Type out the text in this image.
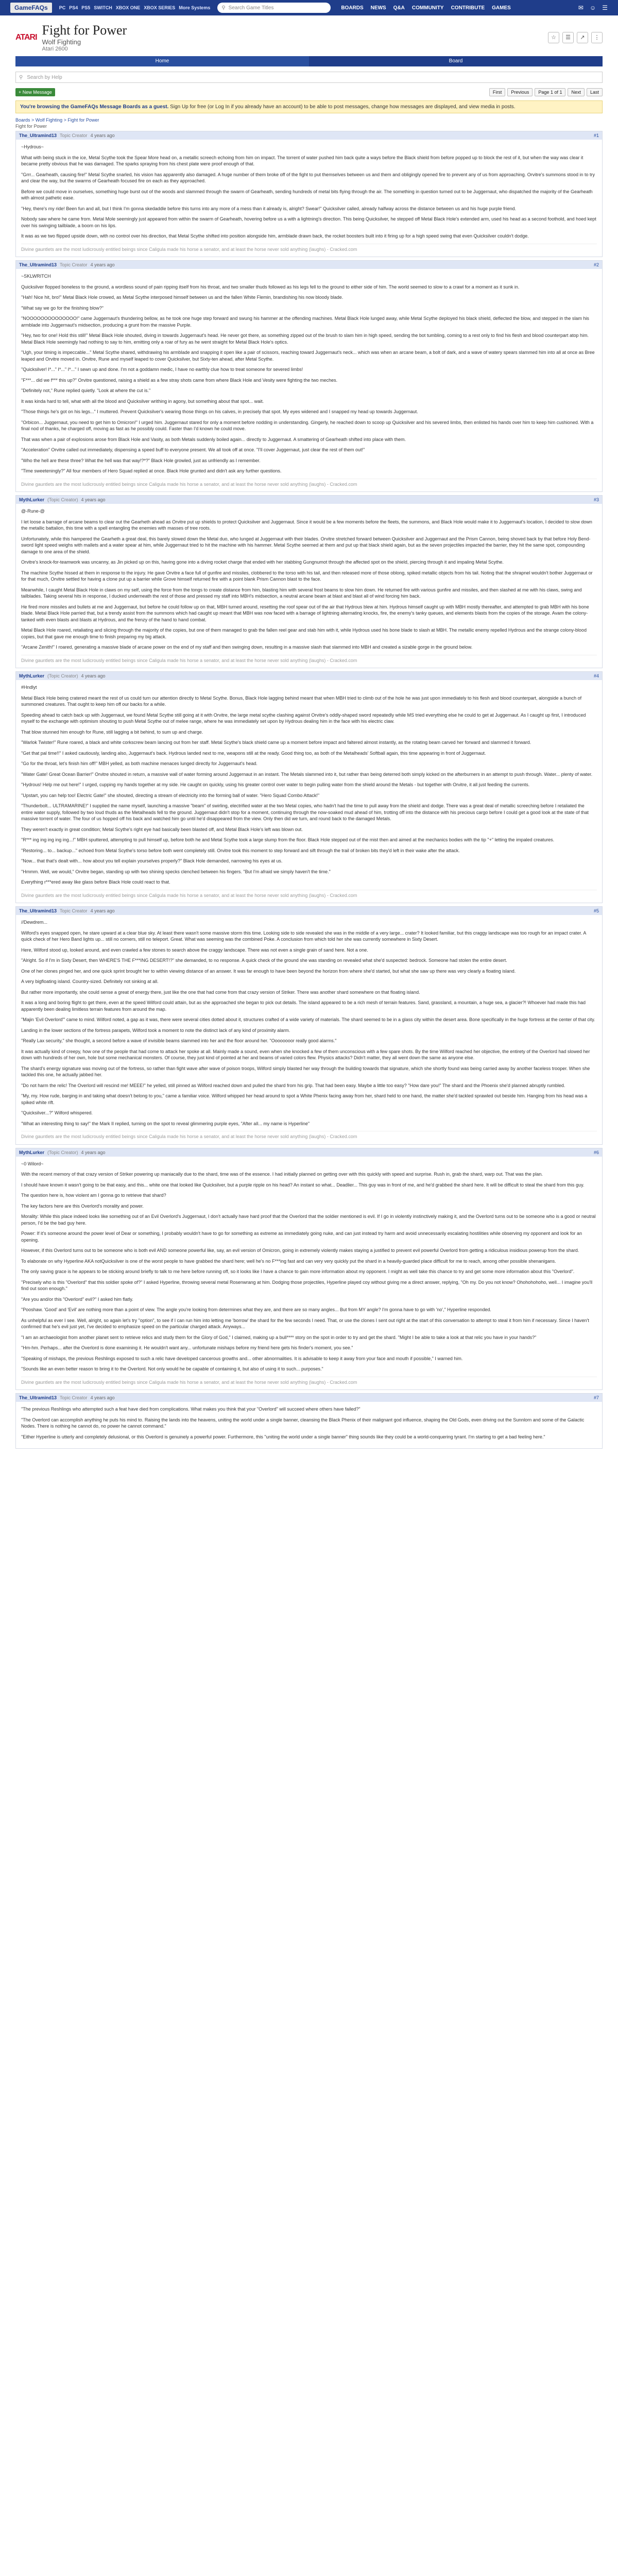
GameFAQs	PC PS4 PS5 SWITCH XBOX ONE XBOX SERIES More Systems ⚲ Search Game Titles	BOARDS NEWS Q&A COMMUNITY CONTRIBUTE GAMES	✉ ☺ ☰
ATARI Fight for Power
Wolf Fighting
Atari 2600
☆	☰	↗	⋮
Home	Board
⚲ Search by Help
+ New Message	First	Previous	Page 1 of 1	Next	Last
You're browsing the GameFAQs Message Boards as a guest. Sign Up for free (or Log In if you already have an account) to be able to post messages, change how messages are displayed, and view media in posts.
Boards > Wolf Fighting > Fight for Power
Fight for Power
The_Ultramind13 Topic Creator 4 years ago	#1

~Hydrous~

What with being stuck in the ice, Metal Scythe took the Spear More head on, a metallic screech echoing from him on impact. The torrent of water pushed him back quite a ways before the Black shield from before popped up to block the rest of it, but when the way was clear it became pretty obvious that he was damaged. The sparks spraying from his chest plate were proof enough of that.

"Grrr... Gearheath, causing fire!" Metal Scythe snarled, his vision has apparently also damaged. A huge number of them broke off of the fight to put themselves between us and them and obligingly opened fire to prevent any of us from approaching. Orvitre's summons stood in to try and clear the way, but the swarms of Gearheath focused fire on each as they approached.

Before we could move in ourselves, something huge burst out of the woods and slammed through the swarm of Gearheath, sending hundreds of metal bits flying through the air. The something in question turned out to be Juggernaut, who dispatched the majority of the Gearheath with almost pathetic ease.

"Hey, there's my ride! Been fun and all, but I think I'm gonna skedaddle before this turns into any more of a mess than it already is, alright? Swear!" Quicksilver called, already halfway across the distance between us and his huge purple friend.

Nobody saw where he came from. Metal Mole seemingly just appeared from within the swarm of Gearheath, hovering before us a with a lightning's direction. This being Quicksilver, he stepped off Metal Black Hole's extended arm, used his head as a second foothold, and hoed kept over his swinging tailblade, a boom on his lips.

It was as we two flipped upside down, with no control over his direction, that Metal Scythe shifted into position alongside him, armblade drawn back, the rocket boosters built into it firing up for a high speed swing that even Quicksilver couldn't dodge.

Divine gauntlets are the most ludicrously entitled beings since Caligula made his horse a senator, and at least the horse never sold anything (laughs) - Cracked.com
The_Ultramind13 Topic Creator 4 years ago	#2

~SKLWRITCH

Quicksilver flopped boneless to the ground, a wordless sound of pain ripping itself from his throat, and two smaller thuds followed as his legs fell to the ground to either side of him. The world seemed to slow to a crawl for a moment as it sunk in.

"Hah! Nice hit, bro!" Metal Black Hole crowed, as Metal Scythe interposed himself between us and the fallen White Flemin, brandishing his now bloody blade.

"What say we go for the finishing blow?"

"NOOOOOOOOOOOOOO!" came Juggernaut's thundering bellow, as he took one huge step forward and swung his hammer at the offending machines. Metal Black Hole lunged away, while Metal Scythe deployed his black shield, deflected the blow, and stepped in the slam his armblade into Juggernaut's midsection, producing a grunt from the massive Purple.

"Hey, two for one! Hold this still!" Metal Black Hole shouted, diving in towards Juggernaut's head. He never got there, as something zipped out of the brush to slam him in high speed, sending the bot tumbling, coming to a rest only to find his flesh and blood counterpart atop him. Metal Black Hole seemingly had nothing to say to him, emitting only a roar of fury as he went straight for Metal Black Hole's optics.

"Ugh, your timing is impeccable..." Metal Scythe shared, withdrawing his armblade and snapping it open like a pair of scissors, reaching toward Juggernaut's neck... which was when an arcane beam, a bolt of dark, and a wave of watery spears slammed him into all at once as Bree leaped and Orvitre moved in. Orvitre, Rune and myself leaped to cover Quicksilver, but Sixty-ten ahead, after Metal Scythe.

"Quicksilver! I*..." I*..." I*..." I sewn up and done. I'm not a goddamn medic, I have no earthly clue how to treat someone for severed limbs!

"F***... did we f*** this up?" Orvitre questioned, raising a shield as a few stray shots came from where Black Hole and Vesity were fighting the two meches.

"Definitely not," Rune replied quietly. "Look at where the cut is."

It was kinda hard to tell, what with all the blood and Quicksilver writhing in agony, but something about that spot... wait.

"Those things he's got on his legs..." I muttered. Prevent Quicksilver's wearing those things on his calves, in precisely that spot. My eyes widened and I snapped my head up towards Juggernaut.

"Orbicon... Juggernaut, you need to get him to Omicron!" I urged him. Juggernaut stared for only a moment before nodding in understanding. Gingerly, he reached down to scoop up Quicksilver and his severed limbs, then enlisted his hands over him to keep him cushioned. With a final nod of thanks, he charged off, moving as fast as he possibly could. Faster than I'd known he could move.

That was when a pair of explosions arose from Black Hole and Vasity, as both Metals suddenly boiled again... directly to Juggernaut. A smattering of Gearheath shifted into place with them.

"Acceleration" Orvitre called out immediately, dispensing a speed buff to everyone present. We all took off at once. "I'll cover Juggernaut, just clear the rest of them out!"

"Who the hell are these three? What the hell was that way!?*?" Black Hole growled, just as unfriendly as I remember.

"Time sweeteningly?" All four members of Hero Squad replied at once. Black Hole grunted and didn't ask any further questions.

Divine gauntlets are the most ludicrously entitled beings since Caligula made his horse a senator, and at least the horse never sold anything (laughs) - Cracked.com
MythLurker (Topic Creator) 4 years ago	#3

@-Rune-@

I let loose a barrage of arcane beams to clear out the Gearheth ahead as Orvitre put up shields to protect Quicksilver and Juggernaut. Since it would be a few moments before the fleets, the summons, and Black Hole would make it to Juggernaut's location, I decided to slow down the metallic battalion, this time with a spell entangling the enemies with masses of tree roots.

Unfortunately, while this hampered the Gearheth a great deal, this barely slowed down the Metal duo, who lunged at Juggernaut with their blades. Orvitre stretched forward between Quicksilver and Juggernaut and the Prism Cannon, being shoved back by that before Holy Bend-sword light speed weighs with mallets and a water spear at him, while Juggernaut tried to hit the machine with his hammer. Metal Scythe seemed at them and put up that black shield again, but as the seven projectiles impacted the barrier, they hit the same spot, compounding damage to one area of the shield.

Orvitre's knock-for-teamwork was uncanny, as Jin picked up on this, having gone into a diving rocket charge that ended with her stabbing Gungnumot through the affected spot on the shield, piercing through it and impaling Metal Scythe.

The machine Scythe hissed at them in response to the injury. He gave Orvitre a face full of gunfire and missiles, clobbered to the torso with his tail, and then released more of those oblong, spiked metallic objects from his tail. Noting that the shrapnel wouldn't bother Juggernaut or for that much, Orvitre settled for having a clone put up a barrier while Grove himself returned fire with a point blank Prism Cannon blast to the face.

Meanwhile, I caught Metal Black Hole in claws on my self, using the force from the tongs to create distance from him, blasting him with several frost beams to slow him down. He returned fire with various gunfire and missiles, and then slashed at me with his claws, swing and tailblades. Taking several hits in response, I ducked underneath the rest of those and pressed my staff into MBH's midsection, a neutral arcane beam at blast and blast all of wind forcing him back.

He fired more missiles and bullets at me and Juggernaut, but before he could follow up on that, MBH turned around, resetting the roof spear out of the air that Hydrous blew at him. Hydrous himself caught up with MBH mostly thereafter, and attempted to grab MBH with his bone blade. Metal Black Hole parried that, but a trendy assist from the summons which had caught up meant that MBH was now faced with a barrage of lightning alternating knocks, fire, the enemy's tanky queues, and elements blasts from the copies of the storage. Avam the colony-tanked with even blasts and blasts at Hydrous, and the frenzy of the hand to hand combat.

Metal Black Hole roared, retaliating and slicing through the majority of the copies, but one of them managed to grab the fallen reel gear and stab him with it, while Hydrous used his bone blade to slash at MBH. The metallic enemy repelled Hydrous and the strange colony-blood copies, but that gave me enough time to finish preparing my big attack.

"Arcane Zenith!" I roared, generating a massive blade of arcane power on the end of my staff and then swinging down, resulting in a massive slash that slammed into MBH and created a sizable gorge in the ground below.

Divine gauntlets are the most ludicrously entitled beings since Caligula made his horse a senator, and at least the horse never sold anything (laughs) - Cracked.com
MythLurker (Topic Creator) 4 years ago	#4

#Hndlyt

Metal Black Hole being cratered meant the rest of us could turn our attention directly to Metal Scythe. Bonus, Black Hole lagging behind meant that when MBH tried to climb out of the hole he was just upon immediately to his flesh and blood counterpart, alongside a bunch of summoned creatures. That ought to keep him off our backs for a while.

Speeding ahead to catch back up with Juggernaut, we found Metal Scythe still going at it with Orvitre, the large metal scythe clashing against Orvitre's oddly-shaped sword repeatedly while MS tried everything else he could to get at Juggernaut. As I caught up first, I introduced myself to the exchange with optimism shouting to push Metal Scythe out of melee range, where he was immediately set upon by Hydrous dealing him in the face with his electric claw.

That blow stunned him enough for Rune, still lagging a bit behind, to sum up and charge.

"Warlok Twister!" Rune roared, a black and white corkscrew beam lancing out from her staff. Metal Scythe's black shield came up a moment before impact and faltered almost instantly, as the rotating beam carved her forward and slammed it forward.

"Get that pal time!!" I asked cautiously, landing also, Juggernaut's back. Hydrous landed next to me, weapons still at the ready. Good thing too, as both of the Metalheads' Softball again, this time appearing in front of Juggernaut.

"Go for the throat, let's finish him off!" MBH yelled, as both machine menaces lunged directly for Juggernaut's head.

"Water Gate! Great Ocean Barrier!" Orvitre shouted in return, a massive wall of water forming around Juggernaut in an instant. The Metals slammed into it, but rather than being deterred both simply kicked on the afterburners in an attempt to push through. Water... plenty of water.

"Hydrous! Help me out here!" I urged, cupping my hands together at my side. He caught on quickly, using his greater control over water to begin pulling water from the shield around the Metals - but together with Orvitre, it all just feeding the currents.

"Upstart, you can help too! Electric Gate!" she shouted, directing a stream of electricity into the forming ball of water. "Hero Squad Combo Attack!"

"Thunderbolt... ULTRAMARINE!" I supplied the name myself, launching a massive "beam" of swirling, electrified water at the two Metal copies, who hadn't had the time to pull away from the shield and dodge. There was a great deal of metallic screeching before I retaliated the entire water supply, followed by two loud thuds as the Metalheads fell to the ground. Juggernaut didn't stop for a moment, continuing through the now-soaked mud ahead of him, trotting off into the distance with his precious cargo before I could get a good look at the state of that massive torrent of water. The four of us hopped off his back and watched him go until he'd disappeared from the view. Only then did we turn, and round back to the damaged Metals.

They weren't exactly in great condition; Metal Scythe's right eye had basically been blasted off, and Metal Black Hole's left was blown out.

"R*** ing ing ing ing ing...!" MBH sputtered, attempting to pull himself up, before both he and Metal Scythe took a large slump from the floor. Black Hole stepped out of the mist then and aimed at the mechanics bodies with the tip "+" letting the impaled creatures.

"Restoring... to... backup..." echoed from Metal Scythe's torso before both went completely still. Orvitre took this moment to step forward and sift through the trail of broken bits they'd left in their wake after the attack.

"Now... that that's dealt with... how about you tell explain yourselves properly?" Black Hole demanded, narrowing his eyes at us.

"Hmmm. Well, we would," Orvitre began, standing up with two shining specks clenched between his fingers. "But I'm afraid we simply haven't the time."

Everything r***ered away like glass before Black Hole could react to that.

Divine gauntlets are the most ludicrously entitled beings since Caligula made his horse a senator, and at least the horse never sold anything (laughs) - Cracked.com
The_Ultramind13 Topic Creator 4 years ago	#5

//Dewdrem...

Wilford's eyes snapped open, he stare upward at a clear blue sky. At least there wasn't some massive storm this time. Looking side to side revealed she was in the middle of a very large... crater? It looked familiar, but this craggy landscape was too rough for an impact crater. A quick check of her Hero Band lights up... still no corners, still no teleport. Great. What was seeming was the combined Poke. A conclusion from which told her she was currently somewhere in Sixty Desert.

Here, Wilford stood up, looked around, and even crawled a few stones to search above the craggy landscape. There was not even a single grain of sand here. Not a one.

"Alright. So if I'm in Sixty Desert, then WHERE'S THE F***ING DESERT!?" she demanded, to no response. A quick check of the ground she was standing on revealed what she'd suspected: bedrock. Someone had stolen the entire desert.

One of her clones pinged her, and one quick sprint brought her to within viewing distance of an answer. It was far enough to have been beyond the horizon from where she'd started, but what she saw up there was very clearly a floating island.

A very bigfloating island. Country-sized. Definitely not sinking at all.

But rather more importantly, she could sense a great of energy there, just like the one that had come from that crazy version of Striker. There was another shard somewhere on that floating island.

It was a long and boring flight to get there, even at the speed Wilford could attain, but as she approached she began to pick out details. The island appeared to be a rich mesh of terrain features. Sand, grassland, a mountain, a huge sea, a glacier?! Whoever had made this had apparently been dealing limitless terrain features from around the map.

"Majin 'Evil Overlord'" came to mind. Wilford noted, a gap as it was, there were several cities dotted about it, structures crafted of a wide variety of materials. The shard seemed to be in a glass city within the desert area. Bone specifically in the huge fortress at the center of that city.

Landing in the lower sections of the fortress parapets, Wilford took a moment to note the distinct lack of any kind of proximity alarm.

"Really Lax security," she thought, a second before a wave of invisible beams slammed into her and the floor around her. "Oooooooor really good alarms."

It was actually kind of creepy, how one of the people that had come to attack her spoke at all. Mainly made a sound, even when she knocked a few of them unconscious with a few spare shots. By the time Wilford reached her objective, the entirety of the Overlord had slowed her down with hundreds of her own, hole but some mechanical monsters. Of course, they just kind of pointed at her and beams of varied colors flew. Physics attacks? Didn't matter, they all went down the same as anyone else.

The shard's energy signature was moving out of the fortress, so rather than fight wave after wave of poison troops, Wilford simply blasted her way through the building towards that signature, which she shortly found was being carried away by another faceless trooper. When she tackled this one, he actually jabbed her.

"Do not harm the relic! The Overlord will rescind me! MEEE!" he yelled, still pinned as Wilford reached down and pulled the shard from his grip. That had been easy. Maybe a little too easy? "How dare you!" The shard and the Phoenix she'd planned abruptly rumbled.

"My, my. How rude, barging in and taking what doesn't belong to you," came a familiar voice. Wilford whipped her head around to spot a White Phenix facing away from her, shard held to one hand, the matter she'd tackled sprawled out beside him. Hanging from his head was a spiked white rift.

"Quicksilver...?" Wilford whispered.

"What an interesting thing to say!" the Mark II replied, turning on the spot to reveal glimmering purple eyes, "After all... my name is Hyperline"

Divine gauntlets are the most ludicrously entitled beings since Caligula made his horse a senator, and at least the horse never sold anything (laughs) - Cracked.com
MythLurker (Topic Creator) 4 years ago	#6

~0 Wilord~

With the recent memory of that crazy version of Striker powering up maniacally due to the shard, time was of the essence. I had initially planned on getting over with this quickly with speed and surprise. Rush in, grab the shard, warp out. That was the plan.

I should have known it wasn't going to be that easy, and this... white one that looked like Quicksilver, but a purple ripple on his head? An instant so what... Deadlier... This guy was in front of me, and he'd grabbed the shard here. It will be difficult to steal the shard from this guy.

The question here is, how violent am I gonna go to retrieve that shard?

The key factors here are this Overlord's morality and power.

Morality: While this place indeed looks like something out of an Evil Overlord's Juggernaut, I don't actually have hard proof that the Overlord that the soldier mentioned is evil. If I go in violently instinctively making it, and the Overlord turns out to be someone who is a good or neutral person, I'd be the bad guy here.

Power: If it's someone around the power level of Dear or something, I probably wouldn't have to go for something as extreme as immediately going nuke, and can just instead try harm and avoid unnecessarily escalating hostilities while observing my opponent and look for an opening.

However, if this Overlord turns out to be someone who is both evil AND someone powerful like, say, an evil version of Omicron, going in extremely violently makes staying a justified to prevent evil powerful Overlord from getting a ridiculous insidious powerup from the shard.

To elaborate on why Hyperline AKA notQuicksilver is one of the worst people to have grabbed the shard here; well he's no F***ing fast and can very very quickly put the shard in a heavily-guarded place difficult for me to reach, among other possible shenanigans.

The only saving grace is he appears to be sticking around briefly to talk to me here before running off, so it looks like I have a chance to gain more information about my opponent. I might as well take this chance to try and get some more information about this "Overlord".

"Precisely who is this "Overlord" that this soldier spoke of?" I asked Hyperline, throwing several metal Rosenwrang at him. Dodging those projectiles, Hyperline played coy without giving me a direct answer, replying, "Oh my. Do you not know? Ohohohohoho, well... I imagine you'll find out soon enough."

"Are you and/or this "Overlord" evil?" I asked him flatly.

"Pooshaw. 'Good' and 'Evil' are nothing more than a point of view. The angle you're looking from determines what they are, and there are so many angles... But from MY angle? I'm gonna have to go with 'no'," Hyperline responded.

As unhelpful as ever I see. Well, alright, so again let's try "option", to see if I can run him into letting me 'borrow' the shard for the few seconds I need. That, or use the clones I sent out right at the start of this conversation to attempt to steal it from him if necessary. Since I haven't confirmed that he's evil just yet, I've decided to emphasize speed on the particular charged attack. Anyways...

"I am an archaeologist from another planet sent to retrieve relics and study them for the Glory of God," I claimed, making up a bull**** story on the spot in order to try and get the shard. "Might I be able to take a look at that relic you have in your hands?"

"Hm-hm. Perhaps... after the Overlord is done examining it. He wouldn't want any... unfortunate mishaps before my friend here gets his finder's moment, you see."

"Speaking of mishaps, the previous Reshlings exposed to such a relic have developed cancerous growths and... other abnormalities. It is advisable to keep it away from your face and mouth if possible," I warned him.

"Sounds like an even better reason to bring it to the Overlord. Not only would he be capable of containing it, but also of using it to such... purposes."

Divine gauntlets are the most ludicrously entitled beings since Caligula made his horse a senator, and at least the horse never sold anything (laughs) - Cracked.com
The_Ultramind13 Topic Creator 4 years ago	#7

"The previous Reshlings who attempted such a feat have died from complications. What makes you think that your "Overlord" will succeed where others have failed?"

"The Overlord can accomplish anything he puts his mind to. Raising the lands into the heavens, uniting the world under a single banner, cleansing the Black Phenix of their malignant god influence, shaping the Old Gods, even driving out the Sunnlorn and some of the Galactic Nodes. There is nothing he cannot do, no power he cannot command."

"Either Hyperline is utterly and completely delusional, or this Overlord is genuinely a powerful power. Furthermore, this "uniting the world under a single banner" thing sounds like they could be a world-conquering tyrant. I'm starting to get a bad feeling here."
